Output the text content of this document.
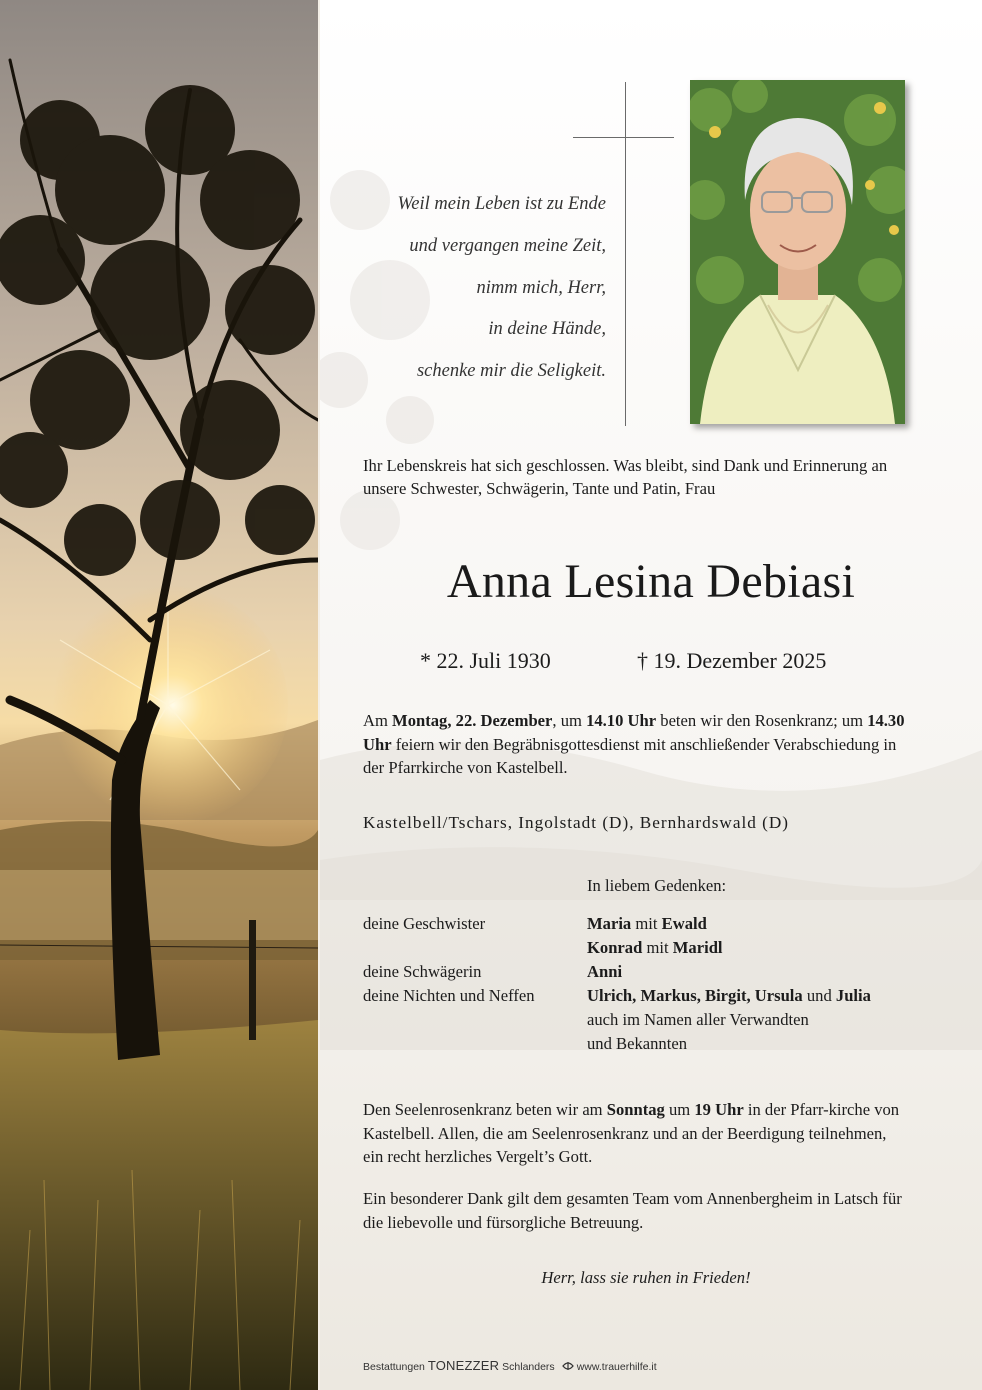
Weil mein Leben ist zu Ende
und vergangen meine Zeit,
nimm mich, Herr,
in deine Hände,
schenke mir die Seligkeit.
Ihr Lebenskreis hat sich geschlossen. Was bleibt, sind Dank und Erinnerung an unsere Schwester, Schwägerin, Tante und Patin, Frau
Anna Lesina Debiasi
* 22. Juli 1930	† 19. Dezember 2025
Am Montag, 22. Dezember, um 14.10 Uhr beten wir den Rosenkranz; um 14.30 Uhr feiern wir den Begräbnisgottesdienst mit anschließender Verabschiedung in der Pfarrkirche von Kastelbell.
Kastelbell/Tschars, Ingolstadt (D), Bernhardswald (D)
In liebem Gedenken:
deine Geschwister	Maria mit Ewald
Konrad mit Maridl
deine Schwägerin	Anni
deine Nichten und Neffen	Ulrich, Markus, Birgit, Ursula und Julia
auch im Namen aller Verwandten
und Bekannten
Den Seelenrosenkranz beten wir am Sonntag um 19 Uhr in der Pfarr-kirche von Kastelbell. Allen, die am Seelenrosenkranz und an der Beerdigung teilnehmen, ein recht herzliches Vergelt’s Gott.
Ein besonderer Dank gilt dem gesamten Team vom Annenbergheim in Latsch für die liebevolle und fürsorgliche Betreuung.
Herr, lass sie ruhen in Frieden!
Bestattungen TONEZZER Schlanders www.trauerhilfe.it
